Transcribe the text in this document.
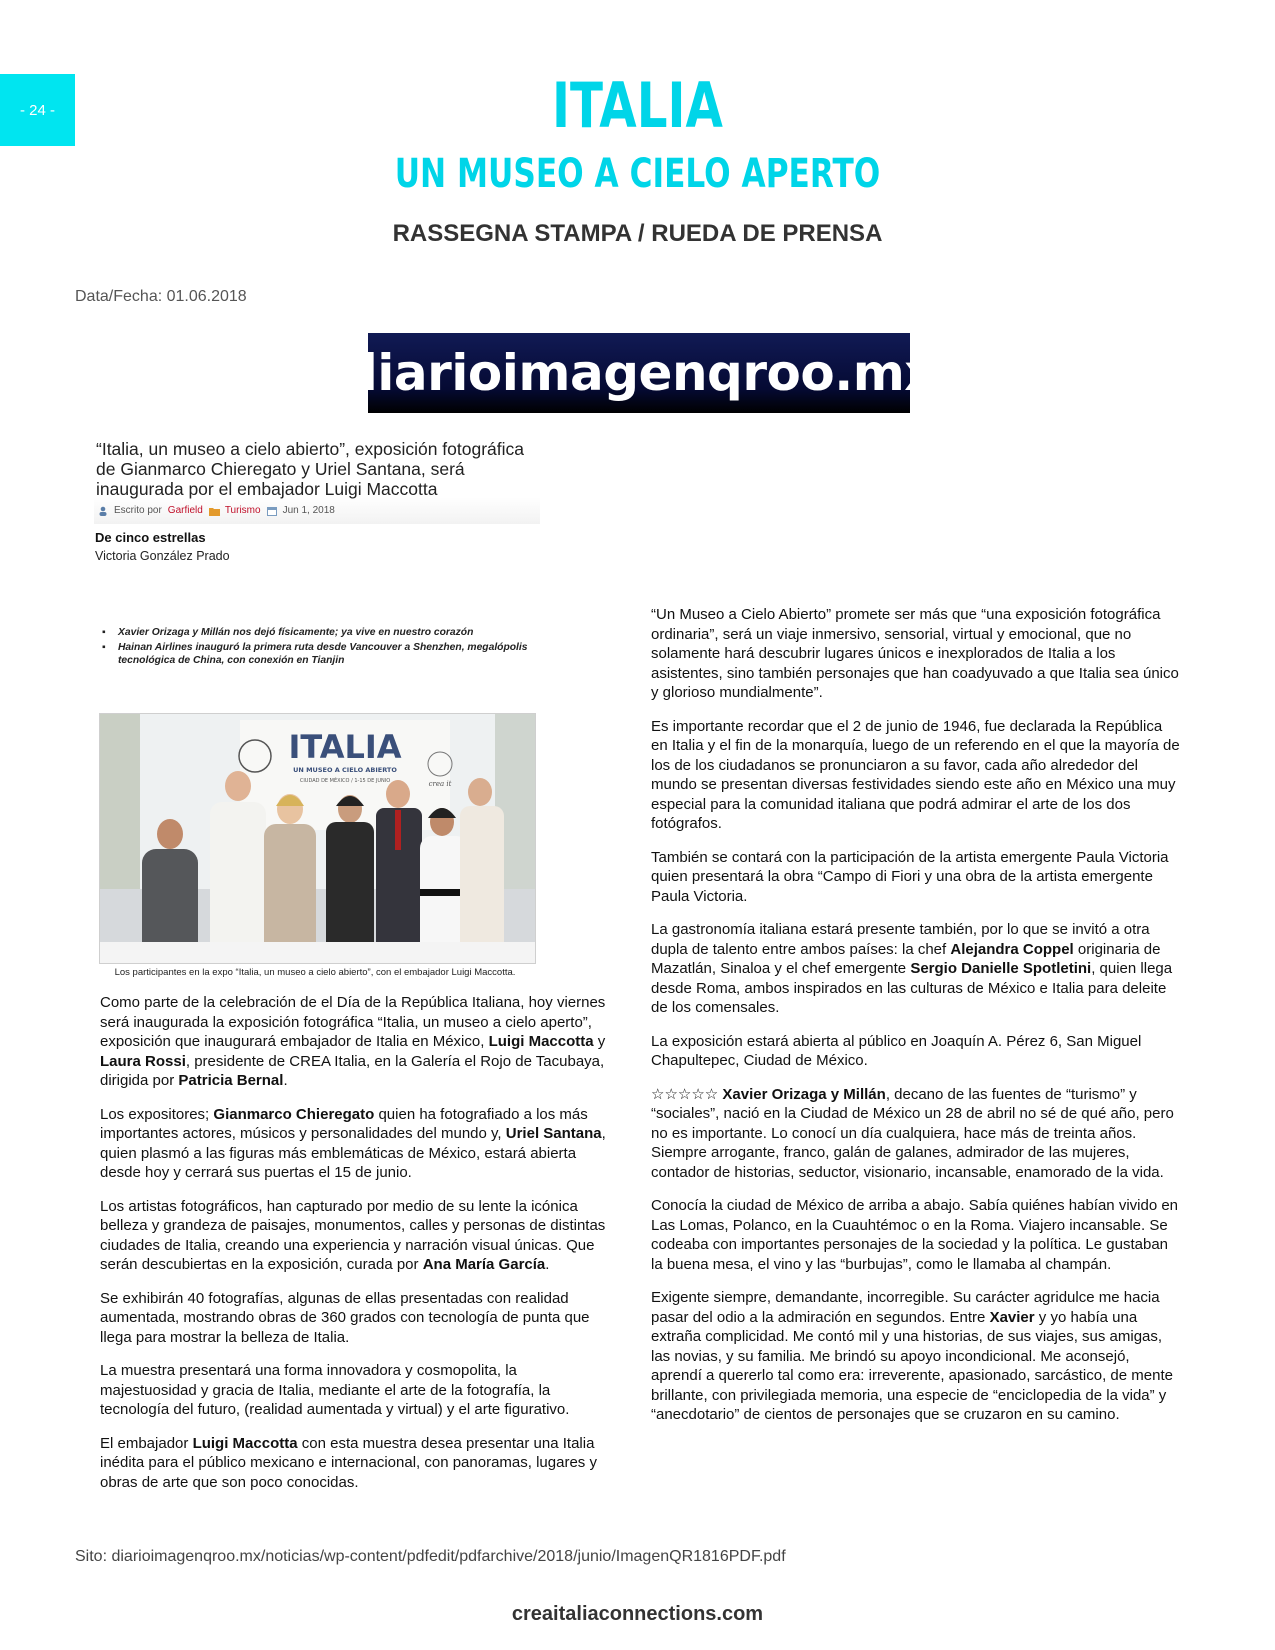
- 24 -	ITALIA
UN MUSEO A CIELO APERTO
RASSEGNA STAMPA / RUEDA DE PRENSA
Data/Fecha: 01.06.2018
diarioimagenqroo.mx
“Italia, un museo a cielo abierto”, exposición fotográfica de Gianmarco Chieregato y Uriel Santana, será inaugurada por el embajador Luigi Maccotta
Escrito por Garfield Turismo Jun 1, 2018
De cinco estrellas
Victoria González Prado
▪ Xavier Orizaga y Millán nos dejó físicamente; ya vive en nuestro corazón
▪ Hainan Airlines inauguró la primera ruta desde Vancouver a Shenzhen, megalópolis tecnológica de China, con conexión en Tianjin
ITALIA
UN MUSEO A CIELO ABIERTO
CIUDAD DE MÉXICO / 1-15 DE JUNIO	crea it
Los participantes en la expo “Italia, un museo a cielo abierto”, con el embajador Luigi Maccotta.

Como parte de la celebración de el Día de la República Italiana, hoy viernes será inaugurada la exposición fotográfica “Italia, un museo a cielo aperto”, exposición que inaugurará embajador de Italia en México, Luigi Maccotta y Laura Rossi, presidente de CREA Italia, en la Galería el Rojo de Tacubaya, dirigida por Patricia Bernal.

Los expositores; Gianmarco Chieregato quien ha fotografiado a los más importantes actores, músicos y personalidades del mundo y, Uriel Santana, quien plasmó a las figuras más emblemáticas de México, estará abierta desde hoy y cerrará sus puertas el 15 de junio.

Los artistas fotográficos, han capturado por medio de su lente la icónica belleza y grandeza de paisajes, monumentos, calles y personas de distintas ciudades de Italia, creando una experiencia y narración visual únicas. Que serán descubiertas en la exposición, curada por Ana María García.

Se exhibirán 40 fotografías, algunas de ellas presentadas con realidad aumentada, mostrando obras de 360 grados con tecnología de punta que llega para mostrar la belleza de Italia.

La muestra presentará una forma innovadora y cosmopolita, la majestuosidad y gracia de Italia, mediante el arte de la fotografía, la tecnología del futuro, (realidad aumentada y virtual) y el arte figurativo.

El embajador Luigi Maccotta con esta muestra desea presentar una Italia inédita para el público mexicano e internacional, con panoramas, lugares y obras de arte que son poco conocidas.

“Un Museo a Cielo Abierto” promete ser más que “una exposición fotográfica ordinaria”, será un viaje inmersivo, sensorial, virtual y emocional, que no solamente hará descubrir lugares únicos e inexplorados de Italia a los asistentes, sino también personajes que han coadyuvado a que Italia sea único y glorioso mundialmente”.

Es importante recordar que el 2 de junio de 1946, fue declarada la República en Italia y el fin de la monarquía, luego de un referendo en el que la mayoría de los de los ciudadanos se pronunciaron a su favor, cada año alrededor del mundo se presentan diversas festividades siendo este año en México una muy especial para la comunidad italiana que podrá admirar el arte de los dos fotógrafos.

También se contará con la participación de la artista emergente Paula Victoria quien presentará la obra “Campo di Fiori y una obra de la artista emergente Paula Victoria.

La gastronomía italiana estará presente también, por lo que se invitó a otra dupla de talento entre ambos países: la chef Alejandra Coppel originaria de Mazatlán, Sinaloa y el chef emergente Sergio Danielle Spotletini, quien llega desde Roma, ambos inspirados en las culturas de México e Italia para deleite de los comensales.

La exposición estará abierta al público en Joaquín A. Pérez 6, San Miguel Chapultepec, Ciudad de México.

☆☆☆☆☆ Xavier Orizaga y Millán, decano de las fuentes de “turismo” y “sociales”, nació en la Ciudad de México un 28 de abril no sé de qué año, pero no es importante. Lo conocí un día cualquiera, hace más de treinta años. Siempre arrogante, franco, galán de galanes, admirador de las mujeres, contador de historias, seductor, visionario, incansable, enamorado de la vida.

Conocía la ciudad de México de arriba a abajo. Sabía quiénes habían vivido en Las Lomas, Polanco, en la Cuauhtémoc o en la Roma. Viajero incansable. Se codeaba con importantes personajes de la sociedad y la política. Le gustaban la buena mesa, el vino y las “burbujas”, como le llamaba al champán.

Exigente siempre, demandante, incorregible. Su carácter agridulce me hacia pasar del odio a la admiración en segundos. Entre Xavier y yo había una extraña complicidad. Me contó mil y una historias, de sus viajes, sus amigas, las novias, y su familia. Me brindó su apoyo incondicional. Me aconsejó, aprendí a quererlo tal como era: irreverente, apasionado, sarcástico, de mente brillante, con privilegiada memoria, una especie de “enciclopedia de la vida” y “anecdotario” de cientos de personajes que se cruzaron en su camino.

Sito: diarioimagenqroo.mx/noticias/wp-content/pdfedit/pdfarchive/2018/junio/ImagenQR1816PDF.pdf
creaitaliaconnections.com
